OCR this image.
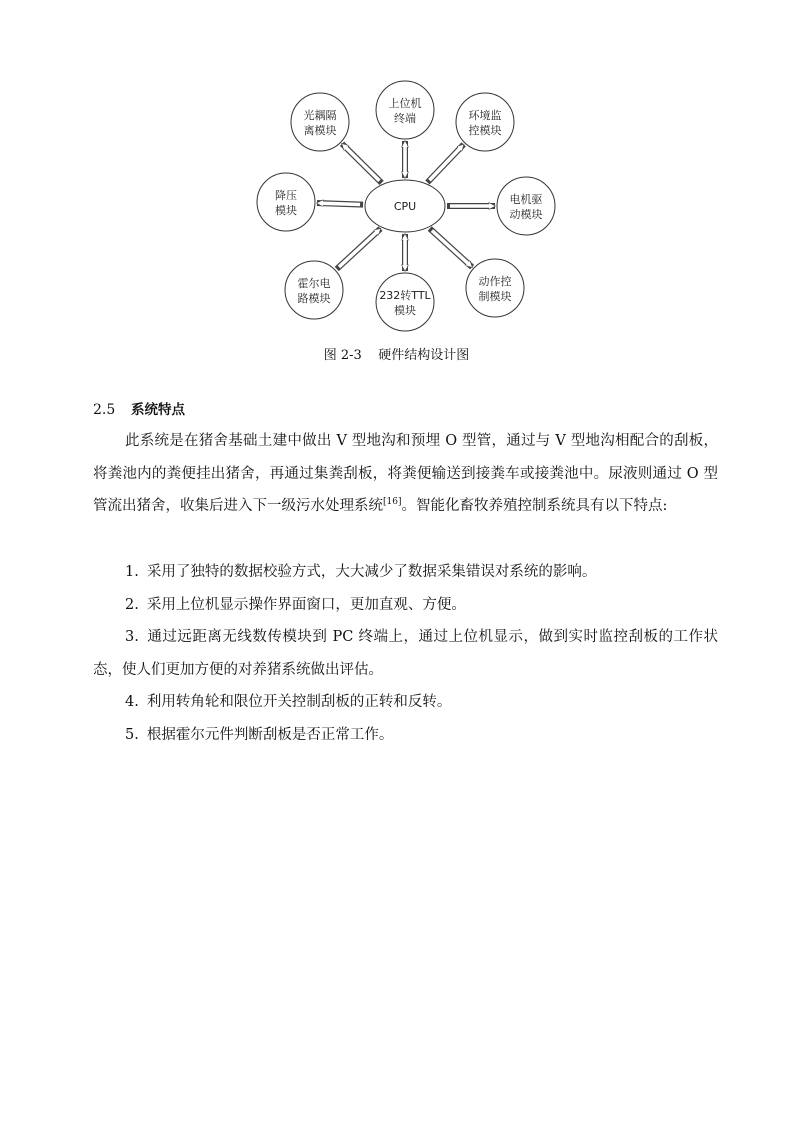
CPU
上位机
终端	环境监
控模块
电机驱
动模块
动作控
制模块
232转TTL
模块
霍尔电
路模块
降压
模块
光耦隔
离模块
图 2-3    硬件结构设计图
2.5 系统特点

此系统是在猪舍基础土建中做出 V 型地沟和预埋 O 型管，通过与 V 型地沟相配合的刮板，将粪池内的粪便挂出猪舍，再通过集粪刮板，将粪便输送到接粪车或接粪池中。尿液则通过 O 型管流出猪舍，收集后进入下一级污水处理系统[16]。智能化畜牧养殖控制系统具有以下特点:

1. 采用了独特的数据校验方式，大大减少了数据采集错误对系统的影响。
2. 采用上位机显示操作界面窗口，更加直观、方便。
3. 通过远距离无线数传模块到 PC 终端上，通过上位机显示，做到实时监控刮板的工作状态，使人们更加方便的对养猪系统做出评估。
4. 利用转角轮和限位开关控制刮板的正转和反转。
5. 根据霍尔元件判断刮板是否正常工作。
